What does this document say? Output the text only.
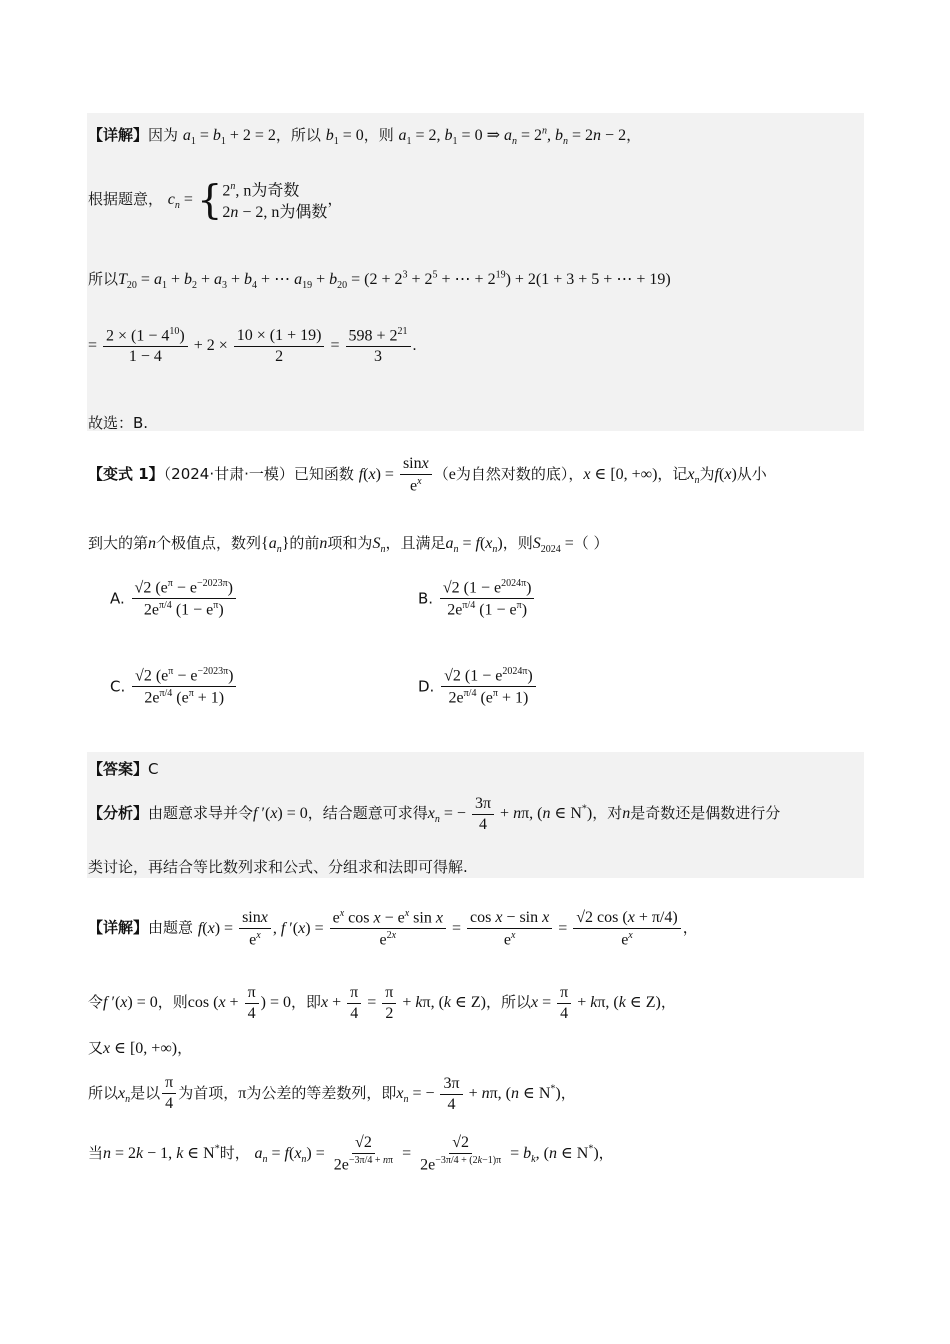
【详解】因为 $a_1 = b_1 + 2 = 2$，所以 $b_1 = 0$，则 $a_1 = 2$, $b_1 = 0$ ⇒ $a_n = 2^n$, $b_n = 2n - 2$，
根据题意， $c_n$ = { 2$^n$, n为奇数
2n − 2, n为偶数
，
所以$T_{20} = a_1 + b_2 + a_3 + b_4$ + ⋯ $a_{19} + b_{20} = (2 + 2^3 + 2^5$ + ⋯ + $2^{19}) + 2(1 + 3 + 5$ + ⋯ + 19)
= $\frac{2 \times (1 - 4^{10})}{1 - 4} + 2 \times \frac{10 \times (1 + 19)}{2} = \frac{598 + 2^{21}}{3}$ .
故选：B.
【变式 1】（2024·甘肃·一模）已知函数 $f(x) = \frac{\sin x}{e^x} (e$为自然对数的底），x ∈ [0, +∞)，记$x_n$为f(x)从小
到大的第n个极值点，数列$\{a_n\}$的前n项和为$S_n$，且满足$a_n = f(x_n)$，则$S_{2024}$ =（ ）
A. $\frac{√2 (e^\pi - e^{-2023\pi})}{2e^{\pi/4} (1 - e^\pi)}$	B. $\frac{√2 (1 - e^{2024\pi})}{2e^{\pi/4} (1 - e^\pi)}$
C. $\frac{√2 (e^\pi - e^{-2023\pi})}{2e^{\pi/4} (e^\pi + 1)}$	D. $\frac{√2 (1 - e^{2024\pi})}{2e^{\pi/4} (e^\pi + 1)}$
【答案】C
【分析】由题意求导并令f ′(x) = 0，结合题意可求得$x_n$ = − $\frac{3\pi}{4} + n\pi$, (n ∈ N*)，对n是奇数还是偶数进行分
类讨论，再结合等比数列求和公式、分组求和法即可得解.
【详解】由题意 $f(x) = \frac{\sin x}{e^x}$ , f $'(x) = \frac{e^x \cos x - e^x \sin x}{e^{2x}} = \frac{\text{cos x − sin x}}{e^x} = \frac{√2 \cos (x + \pi/4)}{e^x}$ ，
令f ′(x) = 0，则$\cos (x + \frac{\pi}{4}$ ) = 0，即$x + \frac{\pi}{4} = \frac{\pi}{2} + k\pi$, (k ∈ Z)，所以$x = \frac{\pi}{4} + k\pi$, (k ∈ Z)，
又x ∈ [0, +∞)，
所以$x_n$是以 $\frac{\pi}{4}$ 为首项，π为公差的等差数列，即$x_n$ = − $\frac{3\pi}{4} + n\pi$, (n ∈ N*)，
当n = 2k − 1, k ∈ N*时， $a_n = f(x_n) = \frac{√2}{2e^{-3\pi/4 + n\pi}} = \frac{√2}{2e^{-3\pi/4 + (2k-1)\pi}} = b_k$, (n ∈ N*)，
